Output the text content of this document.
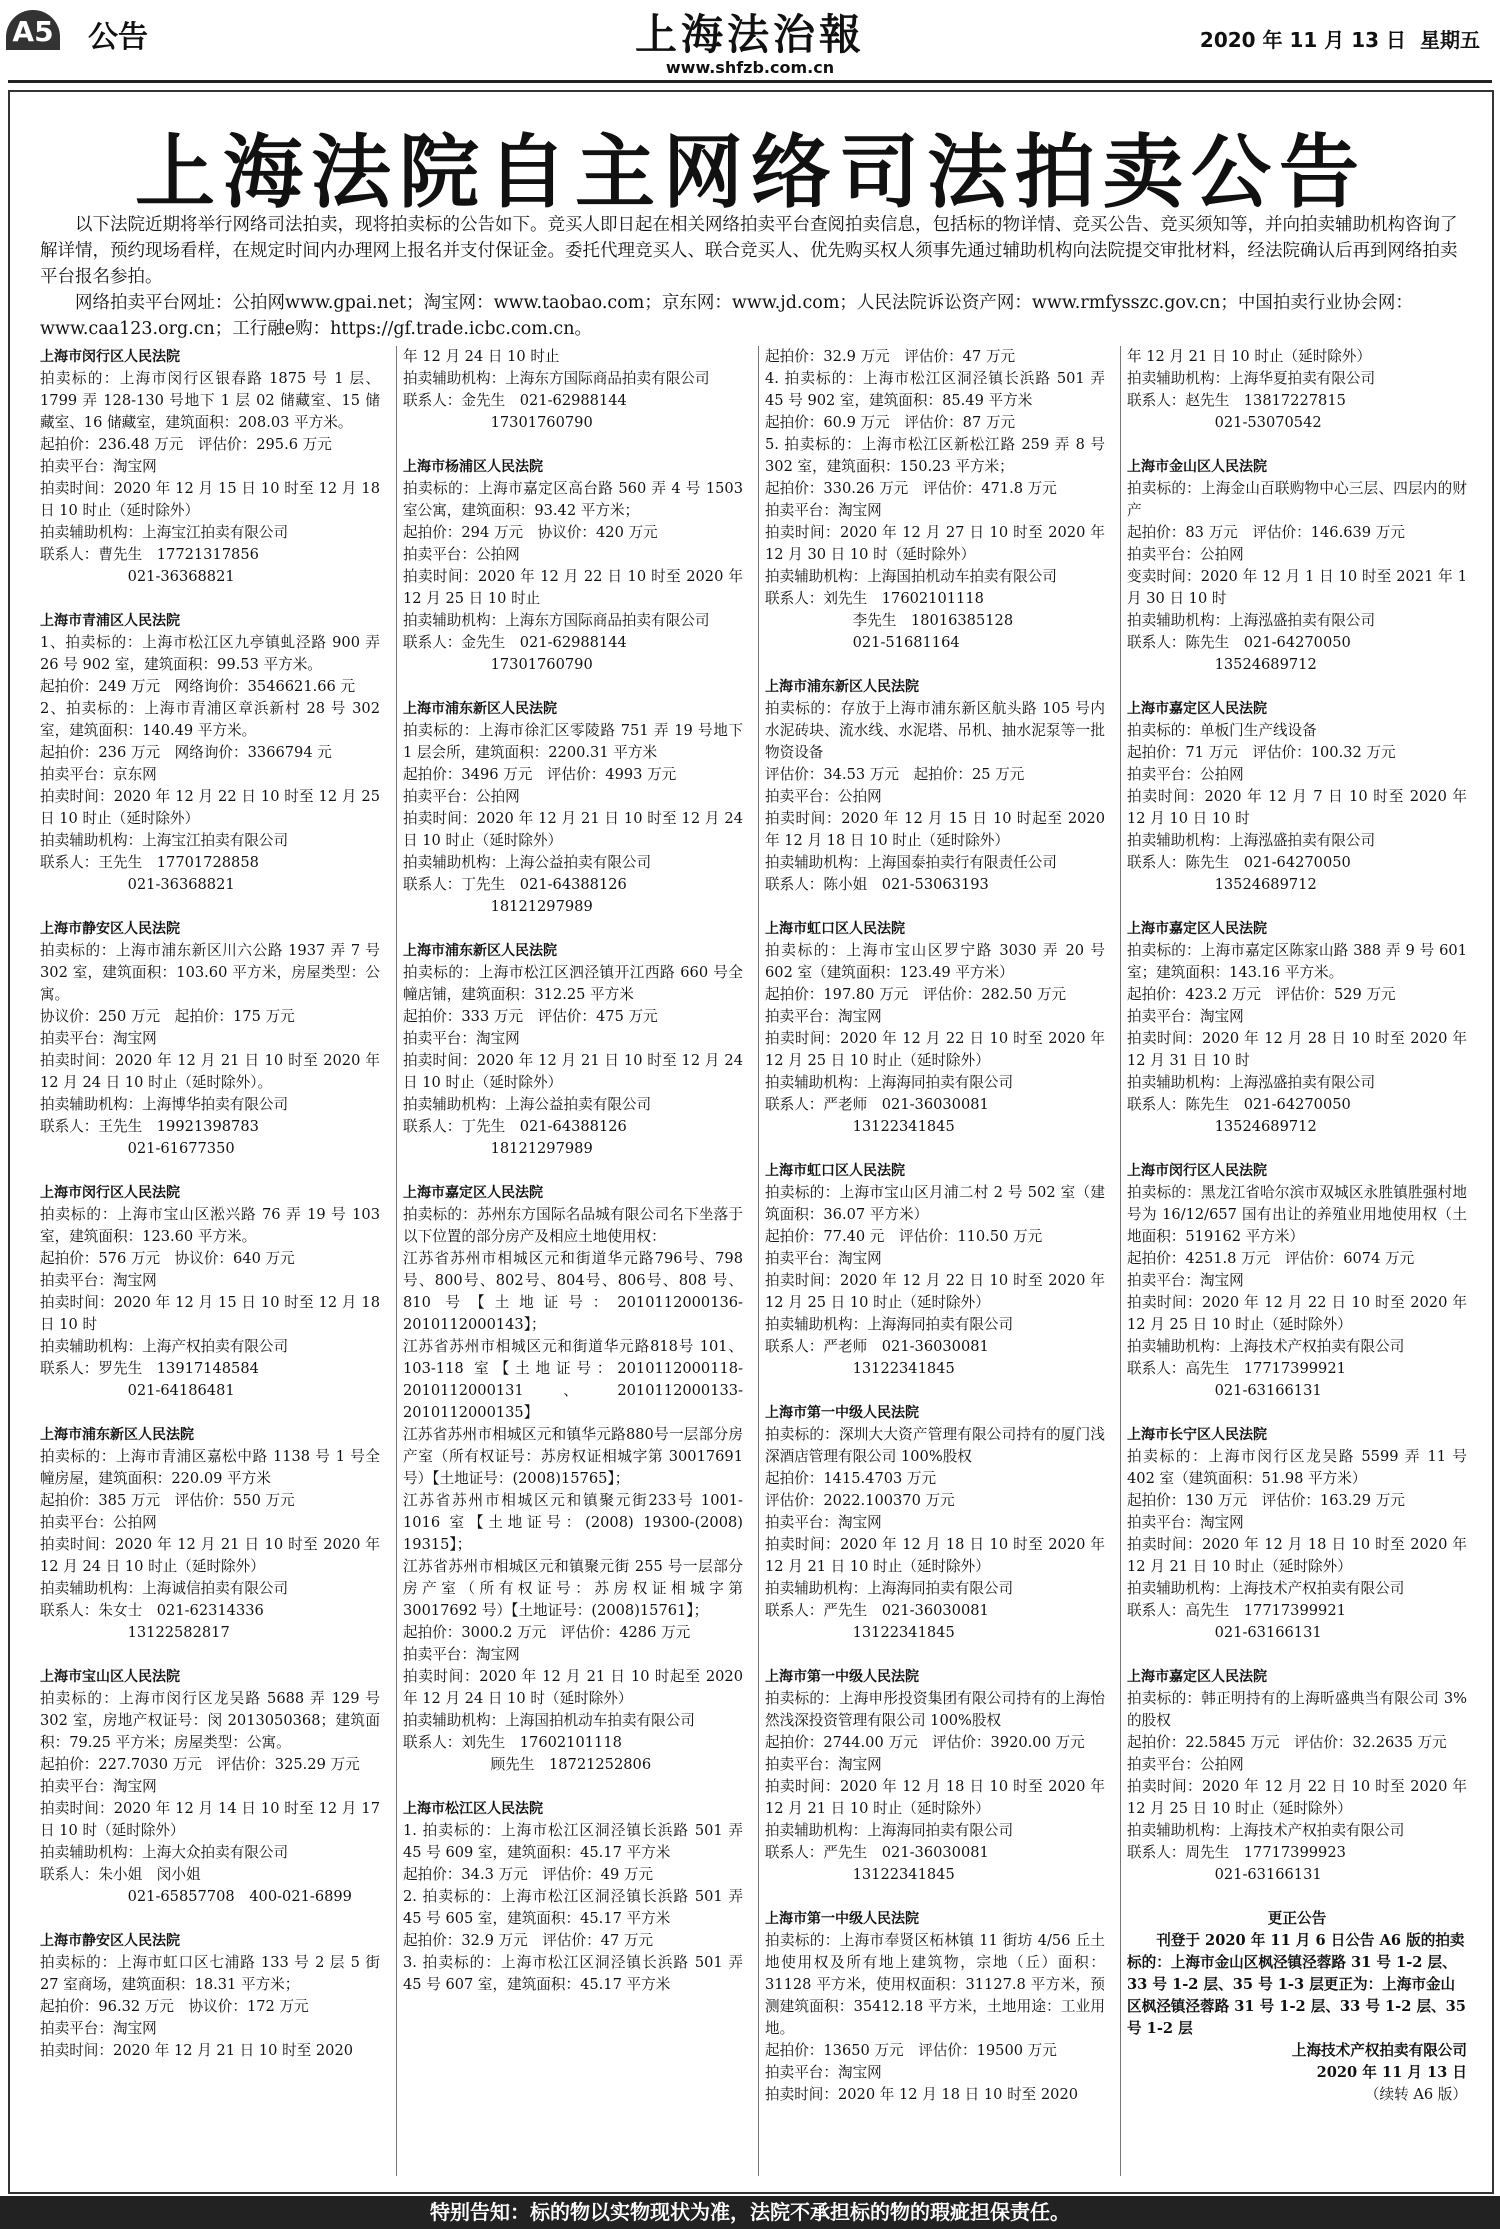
A5 公告	上海法治報
www.shfzb.com.cn
2020 年 11 月 13 日 星期五
上海法院自主网络司法拍卖公告

以下法院近期将举行网络司法拍卖，现将拍卖标的公告如下。竞买人即日起在相关网络拍卖平台查阅拍卖信息，包括标的物详情、竞买公告、竞买须知等，并向拍卖辅助机构咨询了解详情，预约现场看样，在规定时间内办理网上报名并支付保证金。委托代理竞买人、联合竞买人、优先购买权人须事先通过辅助机构向法院提交审批材料，经法院确认后再到网络拍卖平台报名参拍。

网络拍卖平台网址：公拍网www.gpai.net；淘宝网：www.taobao.com；京东网：www.jd.com；人民法院诉讼资产网：www.rmfysszc.gov.cn；中国拍卖行业协会网：www.caa123.org.cn；工行融e购：https://gf.trade.icbc.com.cn。

上海市闵行区人民法院
拍卖标的：上海市闵行区银春路 1875 号 1 层、1799 弄 128-130 号地下 1 层 02 储藏室、15 储藏室、16 储藏室，建筑面积：208.03 平方米。
起拍价：236.48 万元　评估价：295.6 万元
拍卖平台：淘宝网
拍卖时间：2020 年 12 月 15 日 10 时至 12 月 18 日 10 时止（延时除外）
拍卖辅助机构：上海宝江拍卖有限公司
联系人：曹先生　17721317856
021-36368821
上海市青浦区人民法院
1、拍卖标的：上海市松江区九亭镇虬泾路 900 弄 26 号 902 室，建筑面积：99.53 平方米。
起拍价：249 万元　网络询价：3546621.66 元
2、拍卖标的：上海市青浦区章浜新村 28 号 302 室，建筑面积：140.49 平方米。
起拍价：236 万元　网络询价：3366794 元
拍卖平台：京东网
拍卖时间：2020 年 12 月 22 日 10 时至 12 月 25 日 10 时止（延时除外）
拍卖辅助机构：上海宝江拍卖有限公司
联系人：王先生　17701728858
021-36368821
上海市静安区人民法院
拍卖标的：上海市浦东新区川六公路 1937 弄 7 号 302 室，建筑面积：103.60 平方米，房屋类型：公寓。
协议价：250 万元　起拍价：175 万元
拍卖平台：淘宝网
拍卖时间：2020 年 12 月 21 日 10 时至 2020 年 12 月 24 日 10 时止（延时除外）。
拍卖辅助机构：上海博华拍卖有限公司
联系人：王先生　19921398783
021-61677350
上海市闵行区人民法院
拍卖标的：上海市宝山区淞兴路 76 弄 19 号 103 室，建筑面积：123.60 平方米。
起拍价：576 万元　协议价：640 万元
拍卖平台：淘宝网
拍卖时间：2020 年 12 月 15 日 10 时至 12 月 18 日 10 时
拍卖辅助机构：上海产权拍卖有限公司
联系人：罗先生　13917148584
021-64186481
上海市浦东新区人民法院
拍卖标的：上海市青浦区嘉松中路 1138 号 1 号全幢房屋，建筑面积：220.09 平方米
起拍价：385 万元　评估价：550 万元
拍卖平台：公拍网
拍卖时间：2020 年 12 月 21 日 10 时至 2020 年 12 月 24 日 10 时止（延时除外）
拍卖辅助机构：上海诚信拍卖有限公司
联系人：朱女士　021-62314336
13122582817
上海市宝山区人民法院
拍卖标的：上海市闵行区龙吴路 5688 弄 129 号 302 室，房地产权证号：闵 2013050368；建筑面积：79.25 平方米；房屋类型：公寓。
起拍价：227.7030 万元　评估价：325.29 万元
拍卖平台：淘宝网
拍卖时间：2020 年 12 月 14 日 10 时至 12 月 17 日 10 时（延时除外）
拍卖辅助机构：上海大众拍卖有限公司
联系人：朱小姐　闵小姐
021-65857708　400-021-6899
上海市静安区人民法院
拍卖标的：上海市虹口区七浦路 133 号 2 层 5 街 27 室商场，建筑面积：18.31 平方米；
起拍价：96.32 万元　协议价：172 万元
拍卖平台：淘宝网
拍卖时间：2020 年 12 月 21 日 10 时至 2020
年 12 月 24 日 10 时止
拍卖辅助机构：上海东方国际商品拍卖有限公司
联系人：金先生　021-62988144
17301760790
上海市杨浦区人民法院
拍卖标的：上海市嘉定区高台路 560 弄 4 号 1503 室公寓，建筑面积：93.42 平方米；
起拍价：294 万元　协议价：420 万元
拍卖平台：公拍网
拍卖时间：2020 年 12 月 22 日 10 时至 2020 年 12 月 25 日 10 时止
拍卖辅助机构：上海东方国际商品拍卖有限公司
联系人：金先生　021-62988144
17301760790
上海市浦东新区人民法院
拍卖标的：上海市徐汇区零陵路 751 弄 19 号地下 1 层会所，建筑面积：2200.31 平方米
起拍价：3496 万元　评估价：4993 万元
拍卖平台：公拍网
拍卖时间：2020 年 12 月 21 日 10 时至 12 月 24 日 10 时止（延时除外）
拍卖辅助机构：上海公益拍卖有限公司
联系人：丁先生　021-64388126
18121297989
上海市浦东新区人民法院
拍卖标的：上海市松江区泗泾镇开江西路 660 号全幢店铺，建筑面积：312.25 平方米
起拍价：333 万元　评估价：475 万元
拍卖平台：淘宝网
拍卖时间：2020 年 12 月 21 日 10 时至 12 月 24 日 10 时止（延时除外）
拍卖辅助机构：上海公益拍卖有限公司
联系人：丁先生　021-64388126
18121297989
上海市嘉定区人民法院
拍卖标的：苏州东方国际名品城有限公司名下坐落于以下位置的部分房产及相应土地使用权：
江苏省苏州市相城区元和街道华元路796号、798 号、800号、802号、804号、806号、808 号、810 号【土地证号：2010112000136-2010112000143】；
江苏省苏州市相城区元和街道华元路818号 101、103-118 室【土地证号：2010112000118-2010112000131、2010112000133-2010112000135】
江苏省苏州市相城区元和镇华元路880号一层部分房产室（所有权证号：苏房权证相城字第 30017691 号）【土地证号：(2008)15765】；
江苏省苏州市相城区元和镇聚元街233号 1001-1016 室【土地证号：(2008) 19300-(2008) 19315】；
江苏省苏州市相城区元和镇聚元街 255 号一层部分房产室（所有权证号：苏房权证相城字第 30017692 号）【土地证号：(2008)15761】；
起拍价：3000.2 万元　评估价：4286 万元
拍卖平台：淘宝网
拍卖时间：2020 年 12 月 21 日 10 时起至 2020 年 12 月 24 日 10 时（延时除外）
拍卖辅助机构：上海国拍机动车拍卖有限公司
联系人：刘先生　17602101118
顾先生　18721252806
上海市松江区人民法院
1. 拍卖标的：上海市松江区洞泾镇长浜路 501 弄 45 号 609 室，建筑面积：45.17 平方米
起拍价：34.3 万元　评估价：49 万元
2. 拍卖标的：上海市松江区洞泾镇长浜路 501 弄 45 号 605 室，建筑面积：45.17 平方米
起拍价：32.9 万元　评估价：47 万元
3. 拍卖标的：上海市松江区洞泾镇长浜路 501 弄 45 号 607 室，建筑面积：45.17 平方米
起拍价：32.9 万元　评估价：47 万元
4. 拍卖标的：上海市松江区洞泾镇长浜路 501 弄 45 号 902 室，建筑面积：85.49 平方米
起拍价：60.9 万元　评估价：87 万元
5. 拍卖标的：上海市松江区新松江路 259 弄 8 号 302 室，建筑面积：150.23 平方米；
起拍价：330.26 万元　评估价：471.8 万元
拍卖平台：淘宝网
拍卖时间：2020 年 12 月 27 日 10 时至 2020 年 12 月 30 日 10 时（延时除外）
拍卖辅助机构：上海国拍机动车拍卖有限公司
联系人：刘先生　17602101118
李先生　18016385128
021-51681164
上海市浦东新区人民法院
拍卖标的：存放于上海市浦东新区航头路 105 号内水泥砖块、流水线、水泥塔、吊机、抽水泥泵等一批物资设备
评估价：34.53 万元　起拍价：25 万元
拍卖平台：公拍网
拍卖时间：2020 年 12 月 15 日 10 时起至 2020 年 12 月 18 日 10 时止（延时除外）
拍卖辅助机构：上海国泰拍卖行有限责任公司
联系人：陈小姐　021-53063193
上海市虹口区人民法院
拍卖标的：上海市宝山区罗宁路 3030 弄 20 号 602 室（建筑面积：123.49 平方米）
起拍价：197.80 万元　评估价：282.50 万元
拍卖平台：淘宝网
拍卖时间：2020 年 12 月 22 日 10 时至 2020 年 12 月 25 日 10 时止（延时除外）
拍卖辅助机构：上海海同拍卖有限公司
联系人：严老师　021-36030081
13122341845
上海市虹口区人民法院
拍卖标的：上海市宝山区月浦二村 2 号 502 室（建筑面积：36.07 平方米）
起拍价：77.40 元　评估价：110.50 万元
拍卖平台：淘宝网
拍卖时间：2020 年 12 月 22 日 10 时至 2020 年 12 月 25 日 10 时止（延时除外）
拍卖辅助机构：上海海同拍卖有限公司
联系人：严老师　021-36030081
13122341845
上海市第一中级人民法院
拍卖标的：深圳大大资产管理有限公司持有的厦门浅深酒店管理有限公司 100%股权
起拍价：1415.4703 万元
评估价：2022.100370 万元
拍卖平台：淘宝网
拍卖时间：2020 年 12 月 18 日 10 时至 2020 年 12 月 21 日 10 时止（延时除外）
拍卖辅助机构：上海海同拍卖有限公司
联系人：严先生　021-36030081
13122341845
上海市第一中级人民法院
拍卖标的：上海申彤投资集团有限公司持有的上海怡然浅深投资管理有限公司 100%股权
起拍价：2744.00 万元　评估价：3920.00 万元
拍卖平台：淘宝网
拍卖时间：2020 年 12 月 18 日 10 时至 2020 年 12 月 21 日 10 时止（延时除外）
拍卖辅助机构：上海海同拍卖有限公司
联系人：严先生　021-36030081
13122341845
上海市第一中级人民法院
拍卖标的：上海市奉贤区柘林镇 11 街坊 4/56 丘土地使用权及所有地上建筑物，宗地（丘）面积：31128 平方米，使用权面积：31127.8 平方米，预测建筑面积：35412.18 平方米，土地用途：工业用地。
起拍价：13650 万元　评估价：19500 万元
拍卖平台：淘宝网
拍卖时间：2020 年 12 月 18 日 10 时至 2020
年 12 月 21 日 10 时止（延时除外）
拍卖辅助机构：上海华夏拍卖有限公司
联系人：赵先生　13817227815
021-53070542
上海市金山区人民法院
拍卖标的：上海金山百联购物中心三层、四层内的财产
起拍价：83 万元　评估价：146.639 万元
拍卖平台：公拍网
变卖时间：2020 年 12 月 1 日 10 时至 2021 年 1 月 30 日 10 时
拍卖辅助机构：上海泓盛拍卖有限公司
联系人：陈先生　021-64270050
13524689712
上海市嘉定区人民法院
拍卖标的：单板门生产线设备
起拍价：71 万元　评估价：100.32 万元
拍卖平台：公拍网
拍卖时间：2020 年 12 月 7 日 10 时至 2020 年 12 月 10 日 10 时
拍卖辅助机构：上海泓盛拍卖有限公司
联系人：陈先生　021-64270050
13524689712
上海市嘉定区人民法院
拍卖标的：上海市嘉定区陈家山路 388 弄 9 号 601 室；建筑面积：143.16 平方米。
起拍价：423.2 万元　评估价：529 万元
拍卖平台：淘宝网
拍卖时间：2020 年 12 月 28 日 10 时至 2020 年 12 月 31 日 10 时
拍卖辅助机构：上海泓盛拍卖有限公司
联系人：陈先生　021-64270050
13524689712
上海市闵行区人民法院
拍卖标的：黑龙江省哈尔滨市双城区永胜镇胜强村地号为 16/12/657 国有出让的养殖业用地使用权（土地面积：519162 平方米）
起拍价：4251.8 万元　评估价：6074 万元
拍卖平台：淘宝网
拍卖时间：2020 年 12 月 22 日 10 时至 2020 年 12 月 25 日 10 时止（延时除外）
拍卖辅助机构：上海技术产权拍卖有限公司
联系人：高先生　17717399921
021-63166131
上海市长宁区人民法院
拍卖标的：上海市闵行区龙吴路 5599 弄 11 号 402 室（建筑面积：51.98 平方米）
起拍价：130 万元　评估价：163.29 万元
拍卖平台：淘宝网
拍卖时间：2020 年 12 月 18 日 10 时至 2020 年 12 月 21 日 10 时止（延时除外）
拍卖辅助机构：上海技术产权拍卖有限公司
联系人：高先生　17717399921
021-63166131
上海市嘉定区人民法院
拍卖标的：韩正明持有的上海昕盛典当有限公司 3%的股权
起拍价：22.5845 万元　评估价：32.2635 万元
拍卖平台：公拍网
拍卖时间：2020 年 12 月 22 日 10 时至 2020 年 12 月 25 日 10 时止（延时除外）
拍卖辅助机构：上海技术产权拍卖有限公司
联系人：周先生　17717399923
021-63166131
更正公告
刊登于 2020 年 11 月 6 日公告 A6 版的拍卖标的：上海市金山区枫泾镇泾蓉路 31 号 1-2 层、33 号 1-2 层、35 号 1-3 层更正为：上海市金山区枫泾镇泾蓉路 31 号 1-2 层、33 号 1-2 层、35 号 1-2 层
上海技术产权拍卖有限公司
2020 年 11 月 13 日
（续转 A6 版）
特别告知：标的物以实物现状为准，法院不承担标的物的瑕疵担保责任。
